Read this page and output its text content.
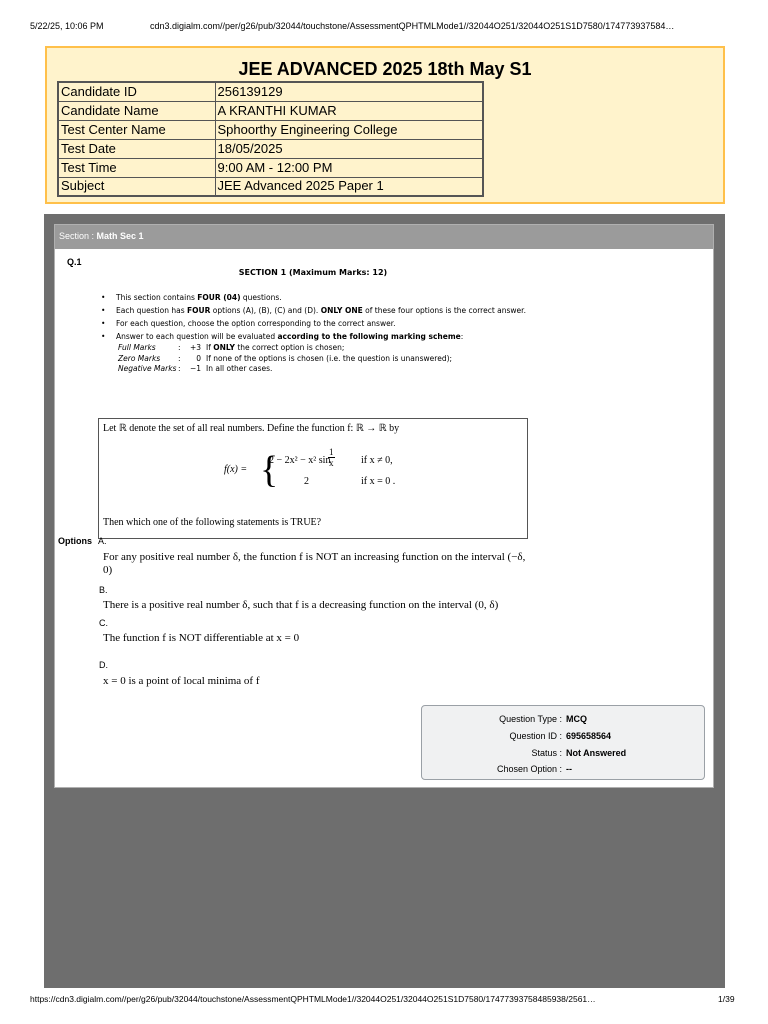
5/22/25, 10:06 PM	cdn3.digialm.com//per/g26/pub/32044/touchstone/AssessmentQPHTMLMode1//32044O251/32044O251S1D7580/174773937584…
JEE ADVANCED 2025 18th May S1
Candidate ID	256139129
Candidate Name	A KRANTHI KUMAR
Test Center Name	Sphoorthy Engineering College
Test Date	18/05/2025
Test Time	9:00 AM - 12:00 PM
Subject	JEE Advanced 2025 Paper 1
Section : Math Sec 1
Q.1
SECTION 1 (Maximum Marks: 12)
• This section contains FOUR (04) questions.
• Each question has FOUR options (A), (B), (C) and (D). ONLY ONE of these four options is the correct answer.
• For each question, choose the option corresponding to the correct answer.
• Answer to each question will be evaluated according to the following marking scheme:
Full Marks	:	+3 If ONLY the correct option is chosen;
Zero Marks	:	0 If none of the options is chosen (i.e. the question is unanswered);
Negative Marks :	−1 In all other cases.
Let ℝ denote the set of all real numbers. Define the function f: ℝ → ℝ by
f(x) = {
2 − 2x² − x² sin
$\frac{1}{x}$	if x ≠ 0,
2	if x = 0 .
Then which one of the following statements is TRUE?
Options A.
For any positive real number δ, the function f is NOT an increasing function on the interval (−δ, 0)
B.
There is a positive real number δ, such that f is a decreasing function on the interval (0, δ)
C.
The function f is NOT differentiable at x = 0
D.
x = 0 is a point of local minima of f
Question Type : MCQ
Question ID : 695658564
Status : Not Answered
Chosen Option : --
https://cdn3.digialm.com//per/g26/pub/32044/touchstone/AssessmentQPHTMLMode1//32044O251/32044O251S1D7580/17477393758485938/2561…	1/39
